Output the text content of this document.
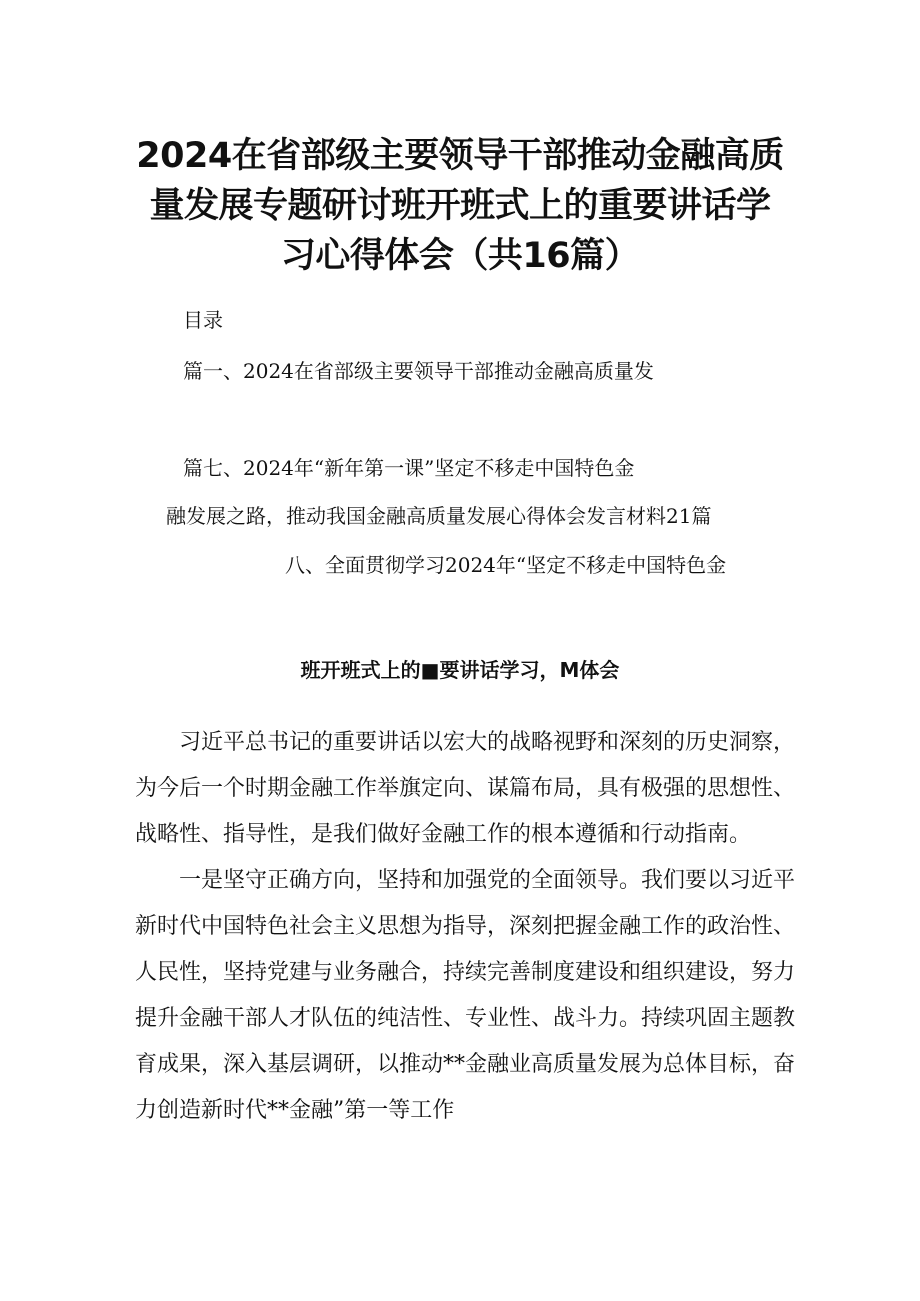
2024在省部级主要领导干部推动金融高质
量发展专题研讨班开班式上的重要讲话学
习心得体会（共16篇）
目录
篇一、2024在省部级主要领导干部推动金融高质量发
篇七、2024年“新年第一课”坚定不移走中国特色金
融发展之路，推动我国金融高质量发展心得体会发言材料21篇
八、全面贯彻学习2024年“坚定不移走中国特色金
班开班式上的■要讲话学习，M体会

习近平总书记的重要讲话以宏大的战略视野和深刻的历史洞察，为今后一个时期金融工作举旗定向、谋篇布局，具有极强的思想性、战略性、指导性，是我们做好金融工作的根本遵循和行动指南。

一是坚守正确方向，坚持和加强党的全面领导。我们要以习近平新时代中国特色社会主义思想为指导，深刻把握金融工作的政治性、人民性，坚持党建与业务融合，持续完善制度建设和组织建设，努力提升金融干部人才队伍的纯洁性、专业性、战斗力。持续巩固主题教育成果，深入基层调研，以推动**金融业高质量发展为总体目标，奋力创造新时代**金融”第一等工作
